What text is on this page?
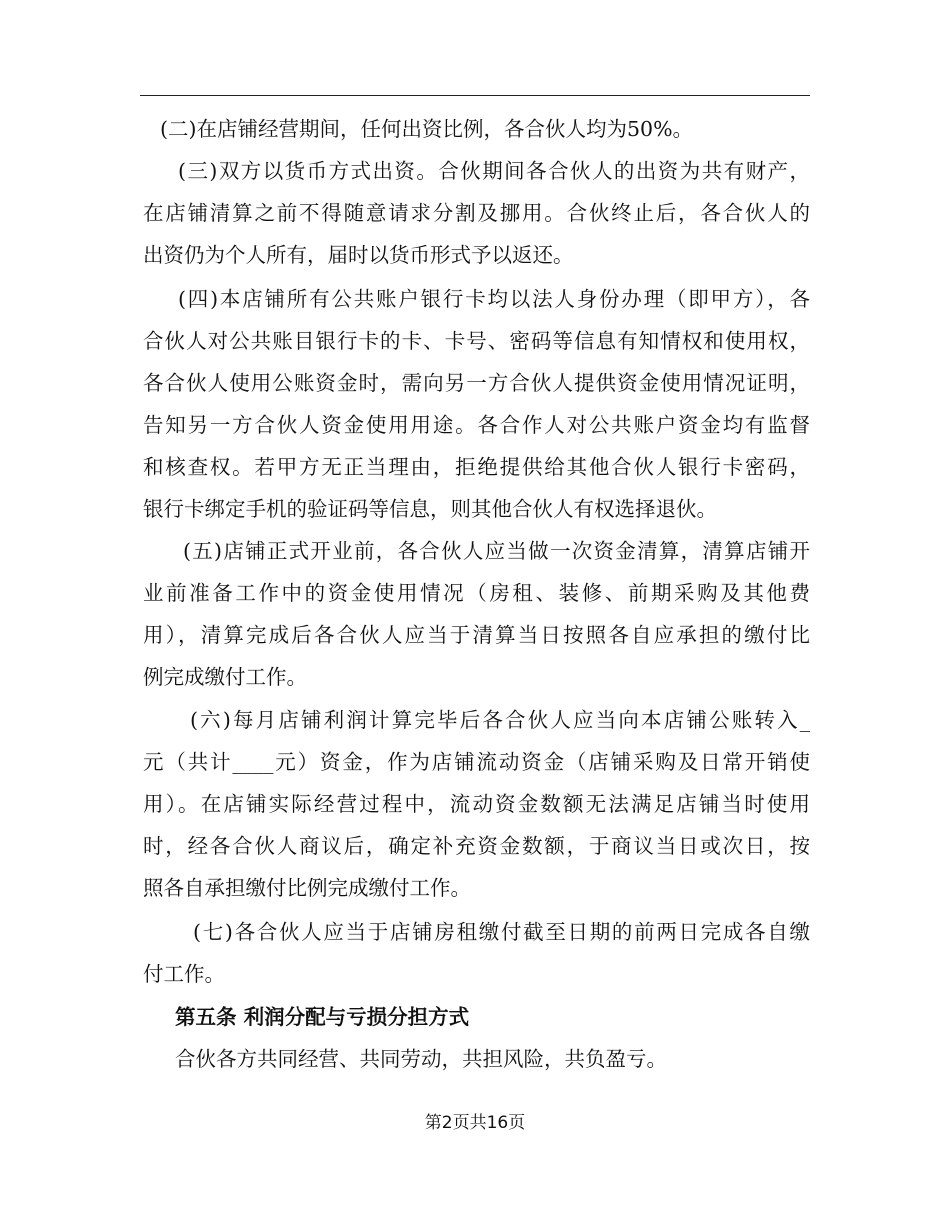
(二)在店铺经营期间，任何出资比例，各合伙人均为50%。
(三)双方以货币方式出资。合伙期间各合伙人的出资为共有财产，
在店铺清算之前不得随意请求分割及挪用。合伙终止后，各合伙人的
出资仍为个人所有，届时以货币形式予以返还。
(四)本店铺所有公共账户银行卡均以法人身份办理（即甲方），各
合伙人对公共账目银行卡的卡、卡号、密码等信息有知情权和使用权，
各合伙人使用公账资金时，需向另一方合伙人提供资金使用情况证明，
告知另一方合伙人资金使用用途。各合作人对公共账户资金均有监督
和核查权。若甲方无正当理由，拒绝提供给其他合伙人银行卡密码，
银行卡绑定手机的验证码等信息，则其他合伙人有权选择退伙。
(五)店铺正式开业前，各合伙人应当做一次资金清算，清算店铺开
业前准备工作中的资金使用情况（房租、装修、前期采购及其他费
用），清算完成后各合伙人应当于清算当日按照各自应承担的缴付比
例完成缴付工作。
(六)每月店铺利润计算完毕后各合伙人应当向本店铺公账转入_
元（共计____元）资金，作为店铺流动资金（店铺采购及日常开销使
用）。在店铺实际经营过程中，流动资金数额无法满足店铺当时使用
时，经各合伙人商议后，确定补充资金数额，于商议当日或次日，按
照各自承担缴付比例完成缴付工作。
(七)各合伙人应当于店铺房租缴付截至日期的前两日完成各自缴
付工作。
第五条 利润分配与亏损分担方式
合伙各方共同经营、共同劳动，共担风险，共负盈亏。
第2页共16页
